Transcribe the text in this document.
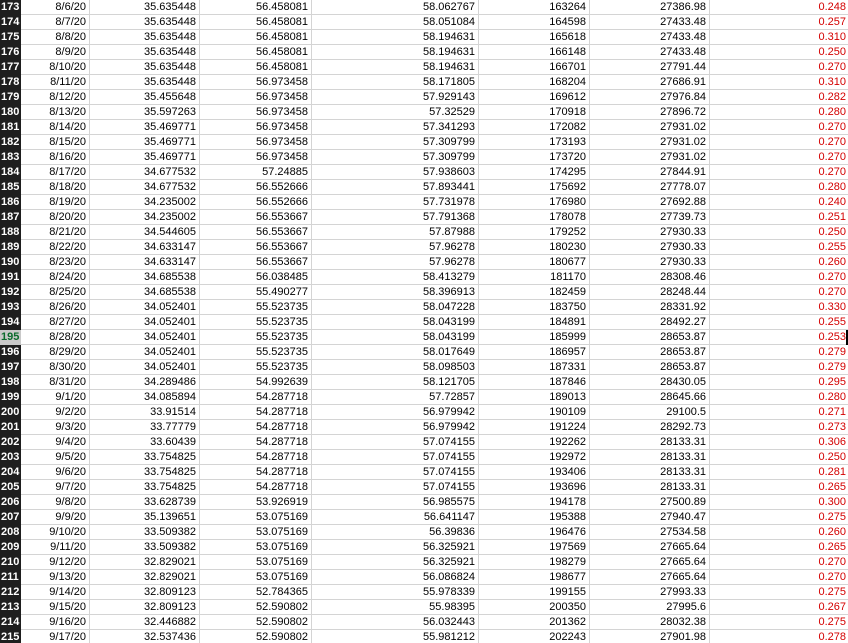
173	8/6/20	35.635448	56.458081	58.062767	163264	27386.98	0.248
174	8/7/20	35.635448	56.458081	58.051084	164598	27433.48	0.257
175	8/8/20	35.635448	56.458081	58.194631	165618	27433.48	0.310
176	8/9/20	35.635448	56.458081	58.194631	166148	27433.48	0.250
177	8/10/20	35.635448	56.458081	58.194631	166701	27791.44	0.270
178	8/11/20	35.635448	56.973458	58.171805	168204	27686.91	0.310
179	8/12/20	35.455648	56.973458	57.929143	169612	27976.84	0.282
180	8/13/20	35.597263	56.973458	57.32529	170918	27896.72	0.280
181	8/14/20	35.469771	56.973458	57.341293	172082	27931.02	0.270
182	8/15/20	35.469771	56.973458	57.309799	173193	27931.02	0.270
183	8/16/20	35.469771	56.973458	57.309799	173720	27931.02	0.270
184	8/17/20	34.677532	57.24885	57.938603	174295	27844.91	0.270
185	8/18/20	34.677532	56.552666	57.893441	175692	27778.07	0.280
186	8/19/20	34.235002	56.552666	57.731978	176980	27692.88	0.240
187	8/20/20	34.235002	56.553667	57.791368	178078	27739.73	0.251
188	8/21/20	34.544605	56.553667	57.87988	179252	27930.33	0.250
189	8/22/20	34.633147	56.553667	57.96278	180230	27930.33	0.255
190	8/23/20	34.633147	56.553667	57.96278	180677	27930.33	0.260
191	8/24/20	34.685538	56.038485	58.413279	181170	28308.46	0.270
192	8/25/20	34.685538	55.490277	58.396913	182459	28248.44	0.270
193	8/26/20	34.052401	55.523735	58.047228	183750	28331.92	0.330
194	8/27/20	34.052401	55.523735	58.043199	184891	28492.27	0.255
195	8/28/20	34.052401	55.523735	58.043199	185999	28653.87	0.253
196	8/29/20	34.052401	55.523735	58.017649	186957	28653.87	0.279
197	8/30/20	34.052401	55.523735	58.098503	187331	28653.87	0.279
198	8/31/20	34.289486	54.992639	58.121705	187846	28430.05	0.295
199	9/1/20	34.085894	54.287718	57.72857	189013	28645.66	0.280
200	9/2/20	33.91514	54.287718	56.979942	190109	29100.5	0.271
201	9/3/20	33.77779	54.287718	56.979942	191224	28292.73	0.273
202	9/4/20	33.60439	54.287718	57.074155	192262	28133.31	0.306
203	9/5/20	33.754825	54.287718	57.074155	192972	28133.31	0.250
204	9/6/20	33.754825	54.287718	57.074155	193406	28133.31	0.281
205	9/7/20	33.754825	54.287718	57.074155	193696	28133.31	0.265
206	9/8/20	33.628739	53.926919	56.985575	194178	27500.89	0.300
207	9/9/20	35.139651	53.075169	56.641147	195388	27940.47	0.275
208	9/10/20	33.509382	53.075169	56.39836	196476	27534.58	0.260
209	9/11/20	33.509382	53.075169	56.325921	197569	27665.64	0.265
210	9/12/20	32.829021	53.075169	56.325921	198279	27665.64	0.270
211	9/13/20	32.829021	53.075169	56.086824	198677	27665.64	0.270
212	9/14/20	32.809123	52.784365	55.978339	199155	27993.33	0.275
213	9/15/20	32.809123	52.590802	55.98395	200350	27995.6	0.267
214	9/16/20	32.446882	52.590802	56.032443	201362	28032.38	0.275
215	9/17/20	32.537436	52.590802	55.981212	202243	27901.98	0.278
